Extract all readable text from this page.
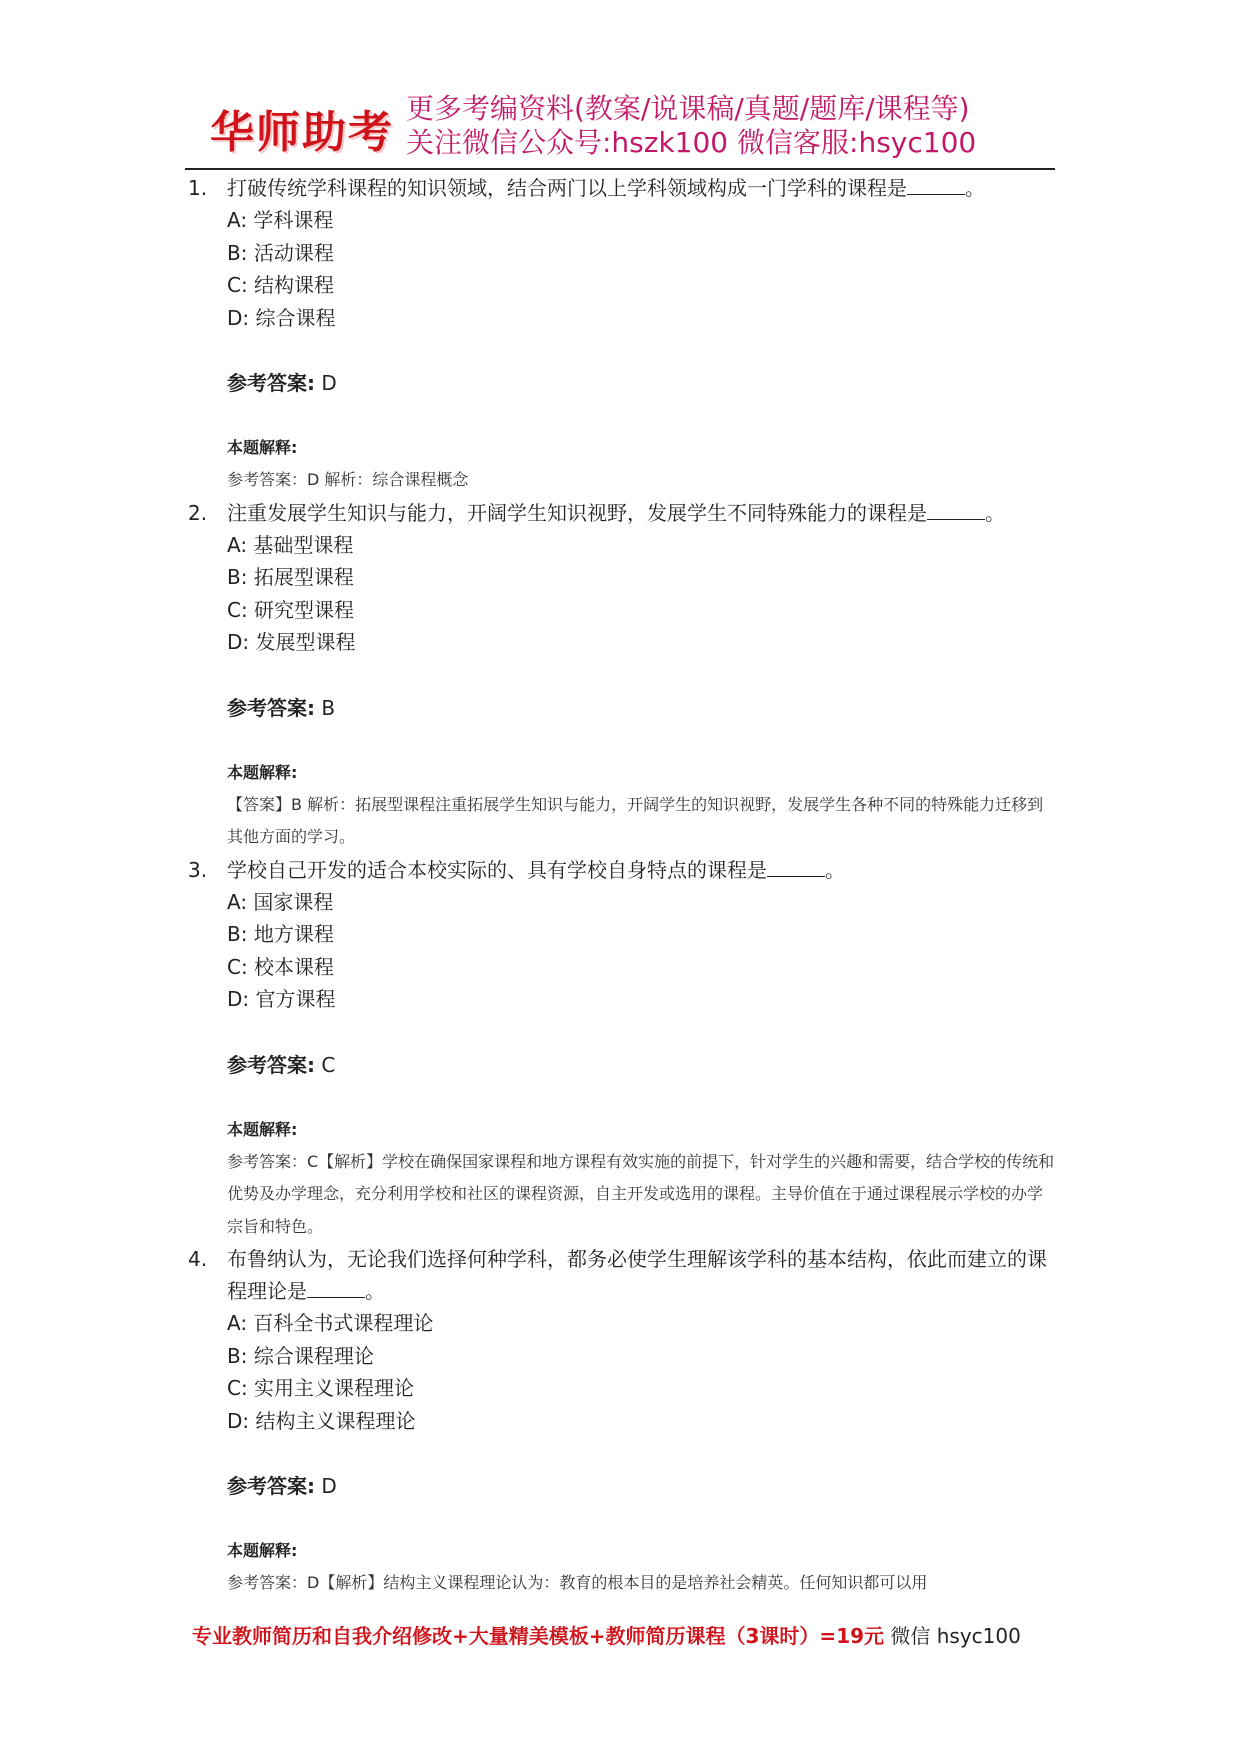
华师助考 更多考编资料(教案/说课稿/真题/题库/课程等)
关注微信公众号:hszk100 微信客服:hsyc100
1. 打破传统学科课程的知识领域，结合两门以上学科领域构成一门学科的课程是	。
A: 学科课程
B: 活动课程
C: 结构课程
D: 综合课程
参考答案: D
本题解释:
参考答案：D 解析：综合课程概念
2. 注重发展学生知识与能力，开阔学生知识视野，发展学生不同特殊能力的课程是	。
A: 基础型课程
B: 拓展型课程
C: 研究型课程
D: 发展型课程
参考答案: B
本题解释:
【答案】B 解析：拓展型课程注重拓展学生知识与能力，开阔学生的知识视野，发展学生各种不同的特殊能力迁移到其他方面的学习。
3. 学校自己开发的适合本校实际的、具有学校自身特点的课程是	。
A: 国家课程
B: 地方课程
C: 校本课程
D: 官方课程
参考答案: C
本题解释:
参考答案：C【解析】学校在确保国家课程和地方课程有效实施的前提下，针对学生的兴趣和需要，结合学校的传统和优势及办学理念，充分利用学校和社区的课程资源，自主开发或选用的课程。主导价值在于通过课程展示学校的办学宗旨和特色。
4. 布鲁纳认为，无论我们选择何种学科，都务必使学生理解该学科的基本结构，依此而建立的课程理论是	。
A: 百科全书式课程理论
B: 综合课程理论
C: 实用主义课程理论
D: 结构主义课程理论
参考答案: D
本题解释:
参考答案：D【解析】结构主义课程理论认为：教育的根本目的是培养社会精英。任何知识都可以用
专业教师简历和自我介绍修改+大量精美模板+教师简历课程（3课时）=19元 微信 hsyc100
